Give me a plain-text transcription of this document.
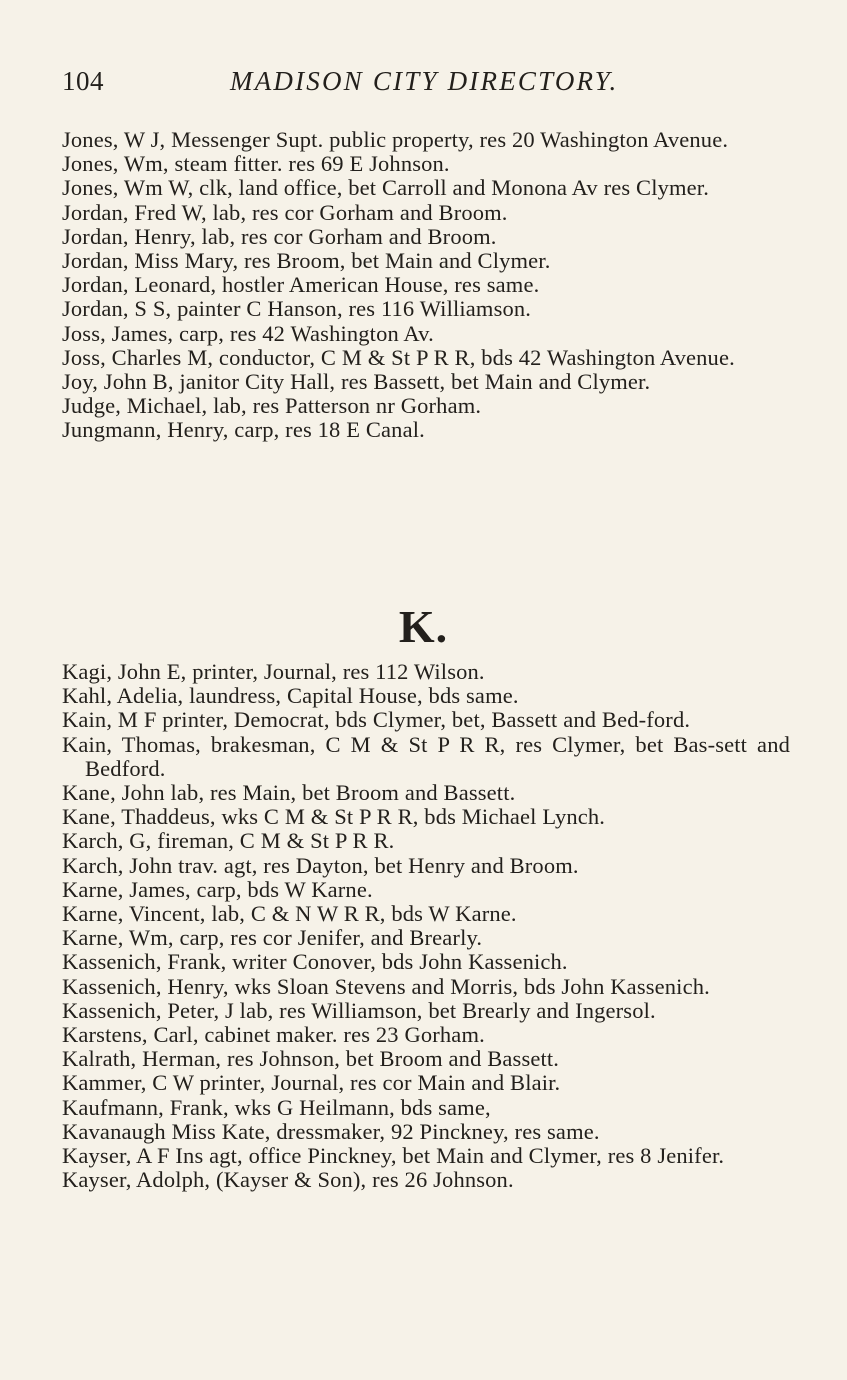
104	MADISON CITY DIRECTORY.
Jones, W J, Messenger Supt. public property, res 20 Washington Avenue.
Jones, Wm, steam fitter. res 69 E Johnson.
Jones, Wm W, clk, land office, bet Carroll and Monona Av res Clymer.
Jordan, Fred W, lab, res cor Gorham and Broom.
Jordan, Henry, lab, res cor Gorham and Broom.
Jordan, Miss Mary, res Broom, bet Main and Clymer.
Jordan, Leonard, hostler American House, res same.
Jordan, S S, painter C Hanson, res 116 Williamson.
Joss, James, carp, res 42 Washington Av.
Joss, Charles M, conductor, C M & St P R R, bds 42 Washington Avenue.
Joy, John B, janitor City Hall, res Bassett, bet Main and Clymer.
Judge, Michael, lab, res Patterson nr Gorham.
Jungmann, Henry, carp, res 18 E Canal.
K.
Kagi, John E, printer, Journal, res 112 Wilson.
Kahl, Adelia, laundress, Capital House, bds same.
Kain, M F printer, Democrat, bds Clymer, bet, Bassett and Bed-ford.
Kain, Thomas, brakesman, C M & St P R R, res Clymer, bet Bas-sett and Bedford.
Kane, John lab, res Main, bet Broom and Bassett.
Kane, Thaddeus, wks C M & St P R R, bds Michael Lynch.
Karch, G, fireman, C M & St P R R.
Karch, John trav. agt, res Dayton, bet Henry and Broom.
Karne, James, carp, bds W Karne.
Karne, Vincent, lab, C & N W R R, bds W Karne.
Karne, Wm, carp, res cor Jenifer, and Brearly.
Kassenich, Frank, writer Conover, bds John Kassenich.
Kassenich, Henry, wks Sloan Stevens and Morris, bds John Kassenich.
Kassenich, Peter, J lab, res Williamson, bet Brearly and Ingersol.
Karstens, Carl, cabinet maker. res 23 Gorham.
Kalrath, Herman, res Johnson, bet Broom and Bassett.
Kammer, C W printer, Journal, res cor Main and Blair.
Kaufmann, Frank, wks G Heilmann, bds same,
Kavanaugh Miss Kate, dressmaker, 92 Pinckney, res same.
Kayser, A F Ins agt, office Pinckney, bet Main and Clymer, res 8 Jenifer.
Kayser, Adolph, (Kayser & Son), res 26 Johnson.
